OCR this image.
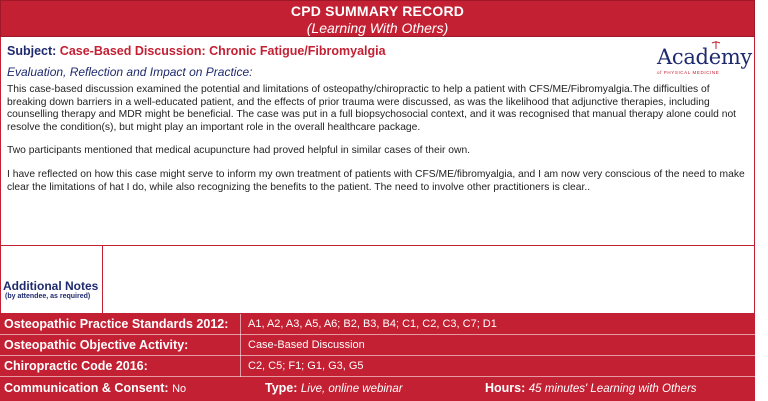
CPD SUMMARY RECORD
(Learning With Others)
Subject: Case-Based Discussion: Chronic Fatigue/Fibromyalgia
Evaluation, Reflection and Impact on Practice:
Academy
of PHYSICAL MEDICINE

This case-based discussion examined the potential and limitations of osteopathy/chiropractic to help a patient with CFS/ME/Fibromyalgia.The difficulties of breaking down barriers in a well-educated patient, and the effects of prior trauma were discussed, as was the likelihood that adjunctive therapies, including counselling therapy and MDR might be beneficial. The case was put in a full biopsychosocial context, and it was recognised that manual therapy alone could not resolve the condition(s), but might play an important role in the overall healthcare package.

Two participants mentioned that medical acupuncture had proved helpful in similar cases of their own.

I have reflected on how this case might serve to inform my own treatment of patients with CFS/ME/fibromyalgia, and I am now very conscious of the need to make clear the limitations of hat I do, while also recognizing the benefits to the patient. The need to involve other practitioners is clear..

Additional Notes
(by attendee, as required)
Osteopathic Practice Standards 2012: A1, A2, A3, A5, A6; B2, B3, B4; C1, C2, C3, C7; D1
Osteopathic Objective Activity:	Case-Based Discussion
Chiropractic Code 2016:	C2, C5; F1; G1, G3, G5
Communication & Consent: No	Type: Live, online webinar	Hours: 45 minutes' Learning with Others
